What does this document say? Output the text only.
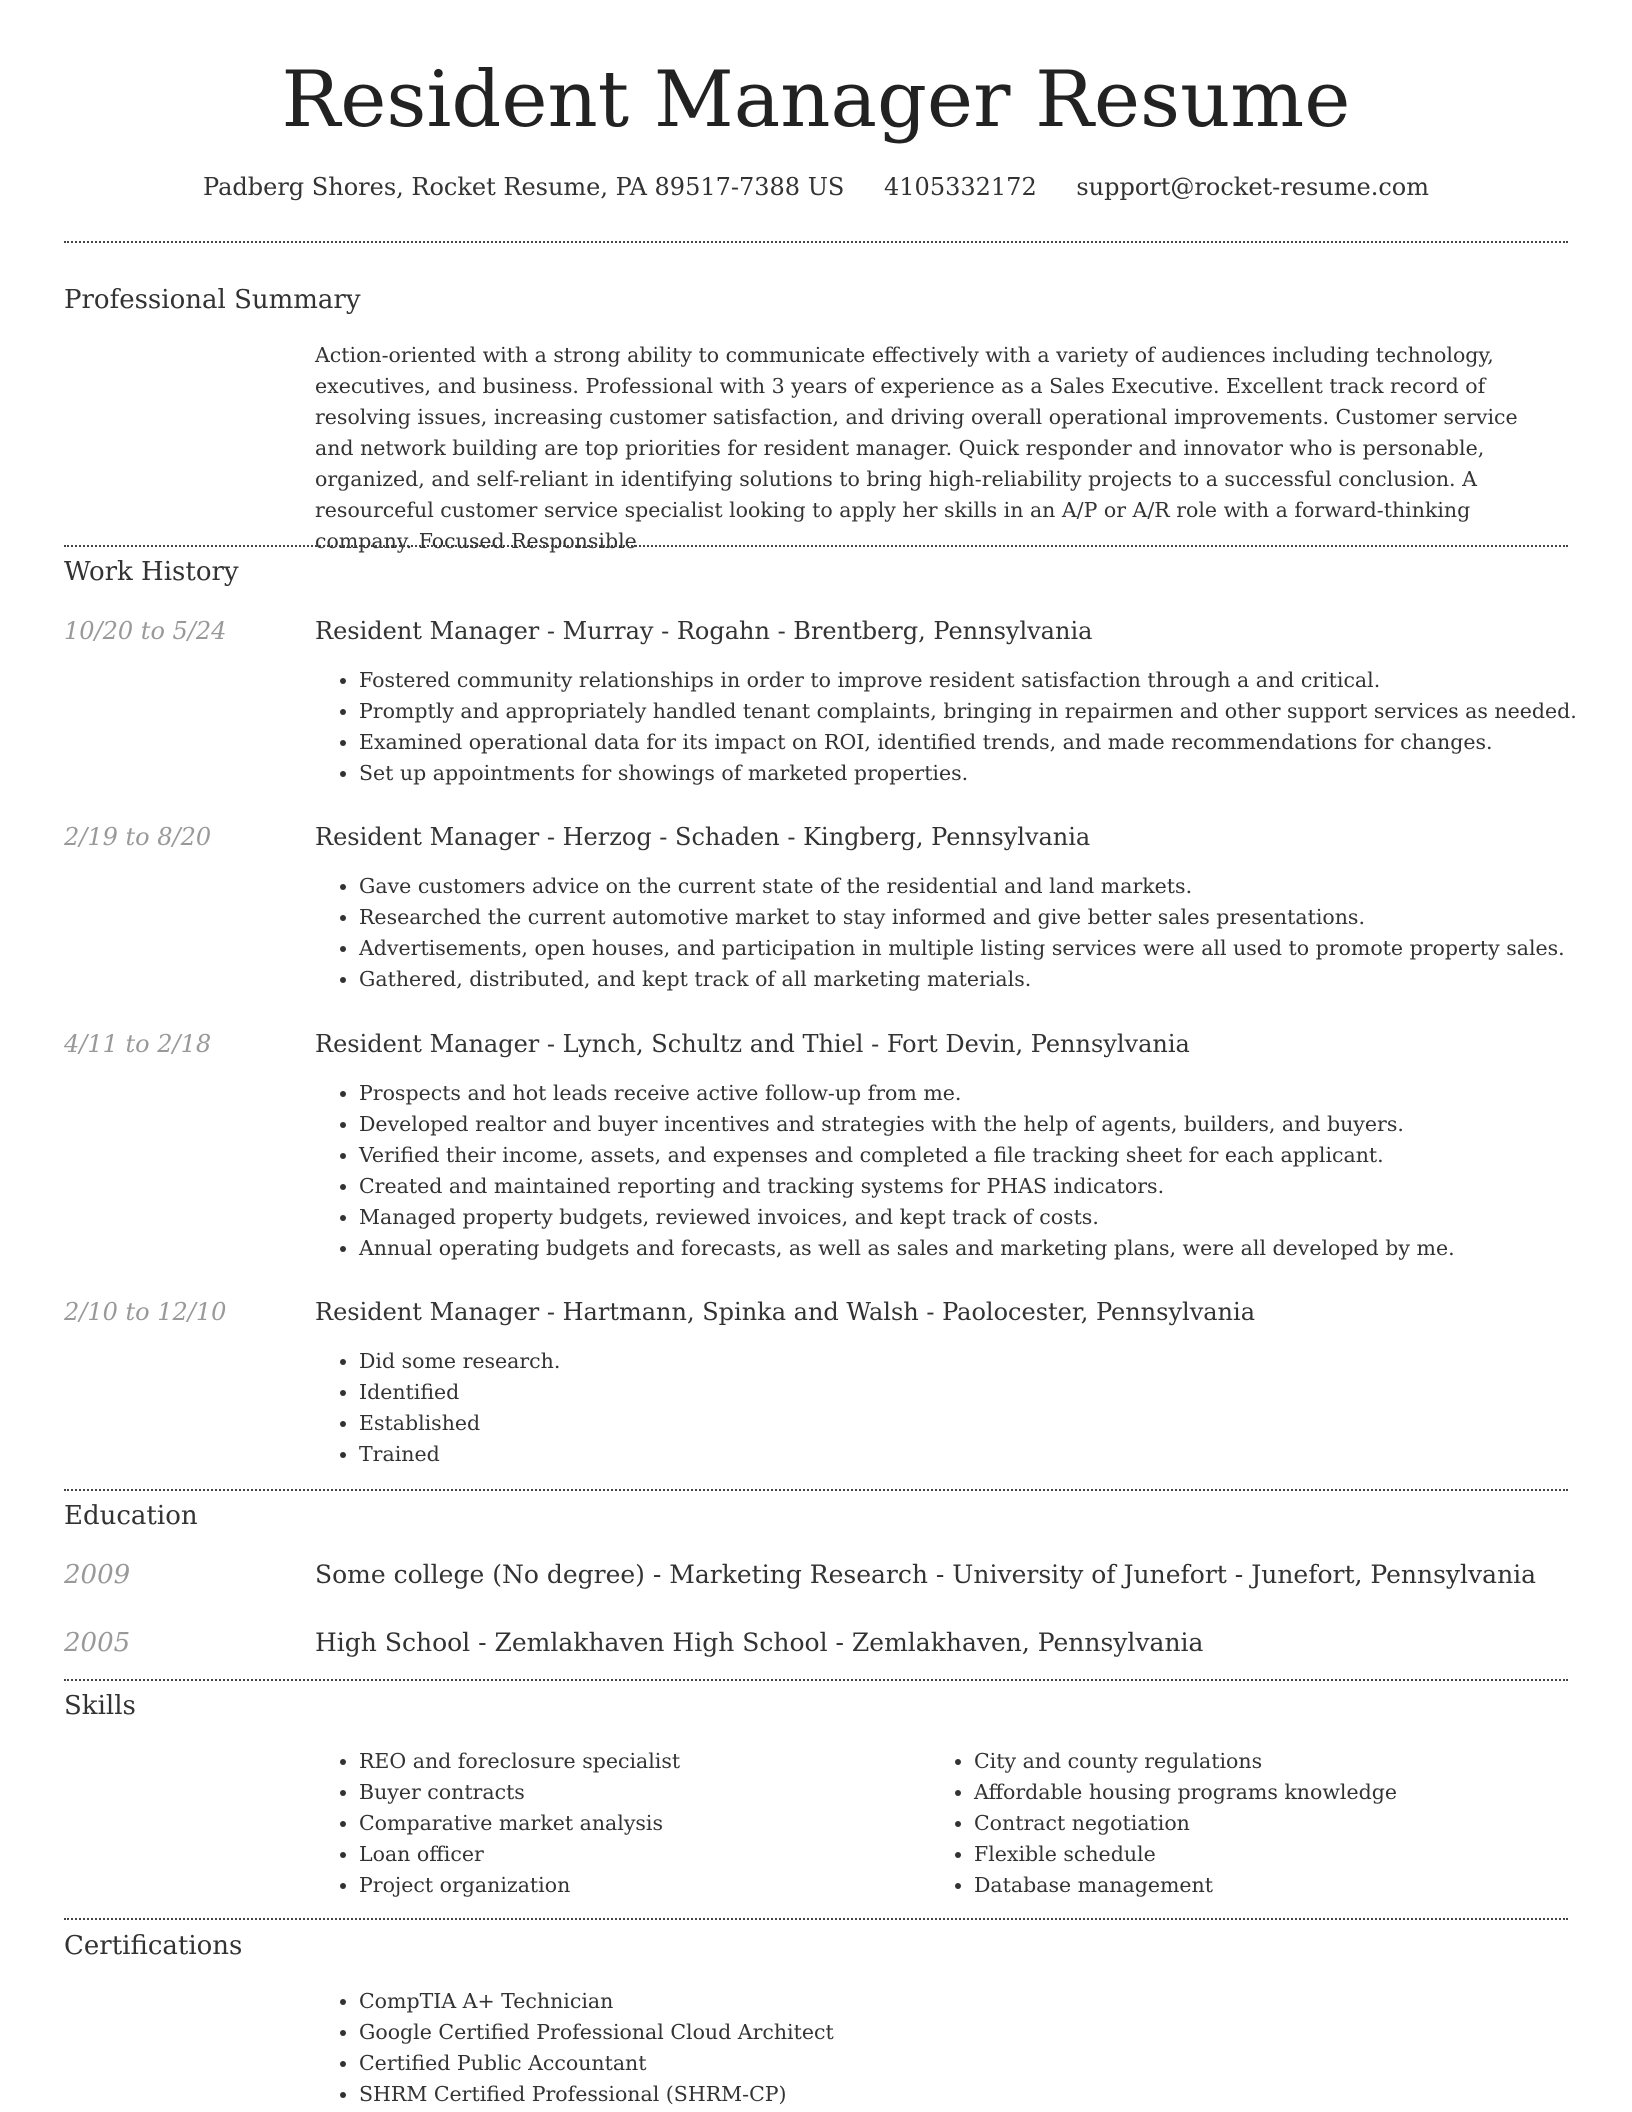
Resident Manager Resume
Padberg Shores, Rocket Resume, PA 89517-7388 US 4105332172 support@rocket-resume.com
Professional Summary

Action-oriented with a strong ability to communicate effectively with a variety of audiences including technology, executives, and business. Professional with 3 years of experience as a Sales Executive. Excellent track record of resolving issues, increasing customer satisfaction, and driving overall operational improvements. Customer service and network building are top priorities for resident manager. Quick responder and innovator who is personable, organized, and self-reliant in identifying solutions to bring high-reliability projects to a successful conclusion. A resourceful customer service specialist looking to apply her skills in an A/P or A/R role with a forward-thinking company. Focused Responsible

Work History
10/20 to 5/24	Resident Manager - Murray - Rogahn - Brentberg, Pennsylvania
• Fostered community relationships in order to improve resident satisfaction through a and critical.
• Promptly and appropriately handled tenant complaints, bringing in repairmen and other support services as needed.
• Examined operational data for its impact on ROI, identified trends, and made recommendations for changes.
• Set up appointments for showings of marketed properties.
2/19 to 8/20	Resident Manager - Herzog - Schaden - Kingberg, Pennsylvania
• Gave customers advice on the current state of the residential and land markets.
• Researched the current automotive market to stay informed and give better sales presentations.
• Advertisements, open houses, and participation in multiple listing services were all used to promote property sales.
• Gathered, distributed, and kept track of all marketing materials.
4/11 to 2/18	Resident Manager - Lynch, Schultz and Thiel - Fort Devin, Pennsylvania
• Prospects and hot leads receive active follow-up from me.
• Developed realtor and buyer incentives and strategies with the help of agents, builders, and buyers.
• Verified their income, assets, and expenses and completed a file tracking sheet for each applicant.
• Created and maintained reporting and tracking systems for PHAS indicators.
• Managed property budgets, reviewed invoices, and kept track of costs.
• Annual operating budgets and forecasts, as well as sales and marketing plans, were all developed by me.
2/10 to 12/10	Resident Manager - Hartmann, Spinka and Walsh - Paolocester, Pennsylvania
• Did some research.
• Identified
• Established
• Trained
Education
2009	Some college (No degree) - Marketing Research - University of Junefort - Junefort, Pennsylvania
2005	High School - Zemlakhaven High School - Zemlakhaven, Pennsylvania
Skills
• REO and foreclosure specialist
• Buyer contracts
• Comparative market analysis
• Loan officer
• Project organization
• City and county regulations
• Affordable housing programs knowledge
• Contract negotiation
• Flexible schedule
• Database management
Certifications
• CompTIA A+ Technician
• Google Certified Professional Cloud Architect
• Certified Public Accountant
• SHRM Certified Professional (SHRM-CP)
